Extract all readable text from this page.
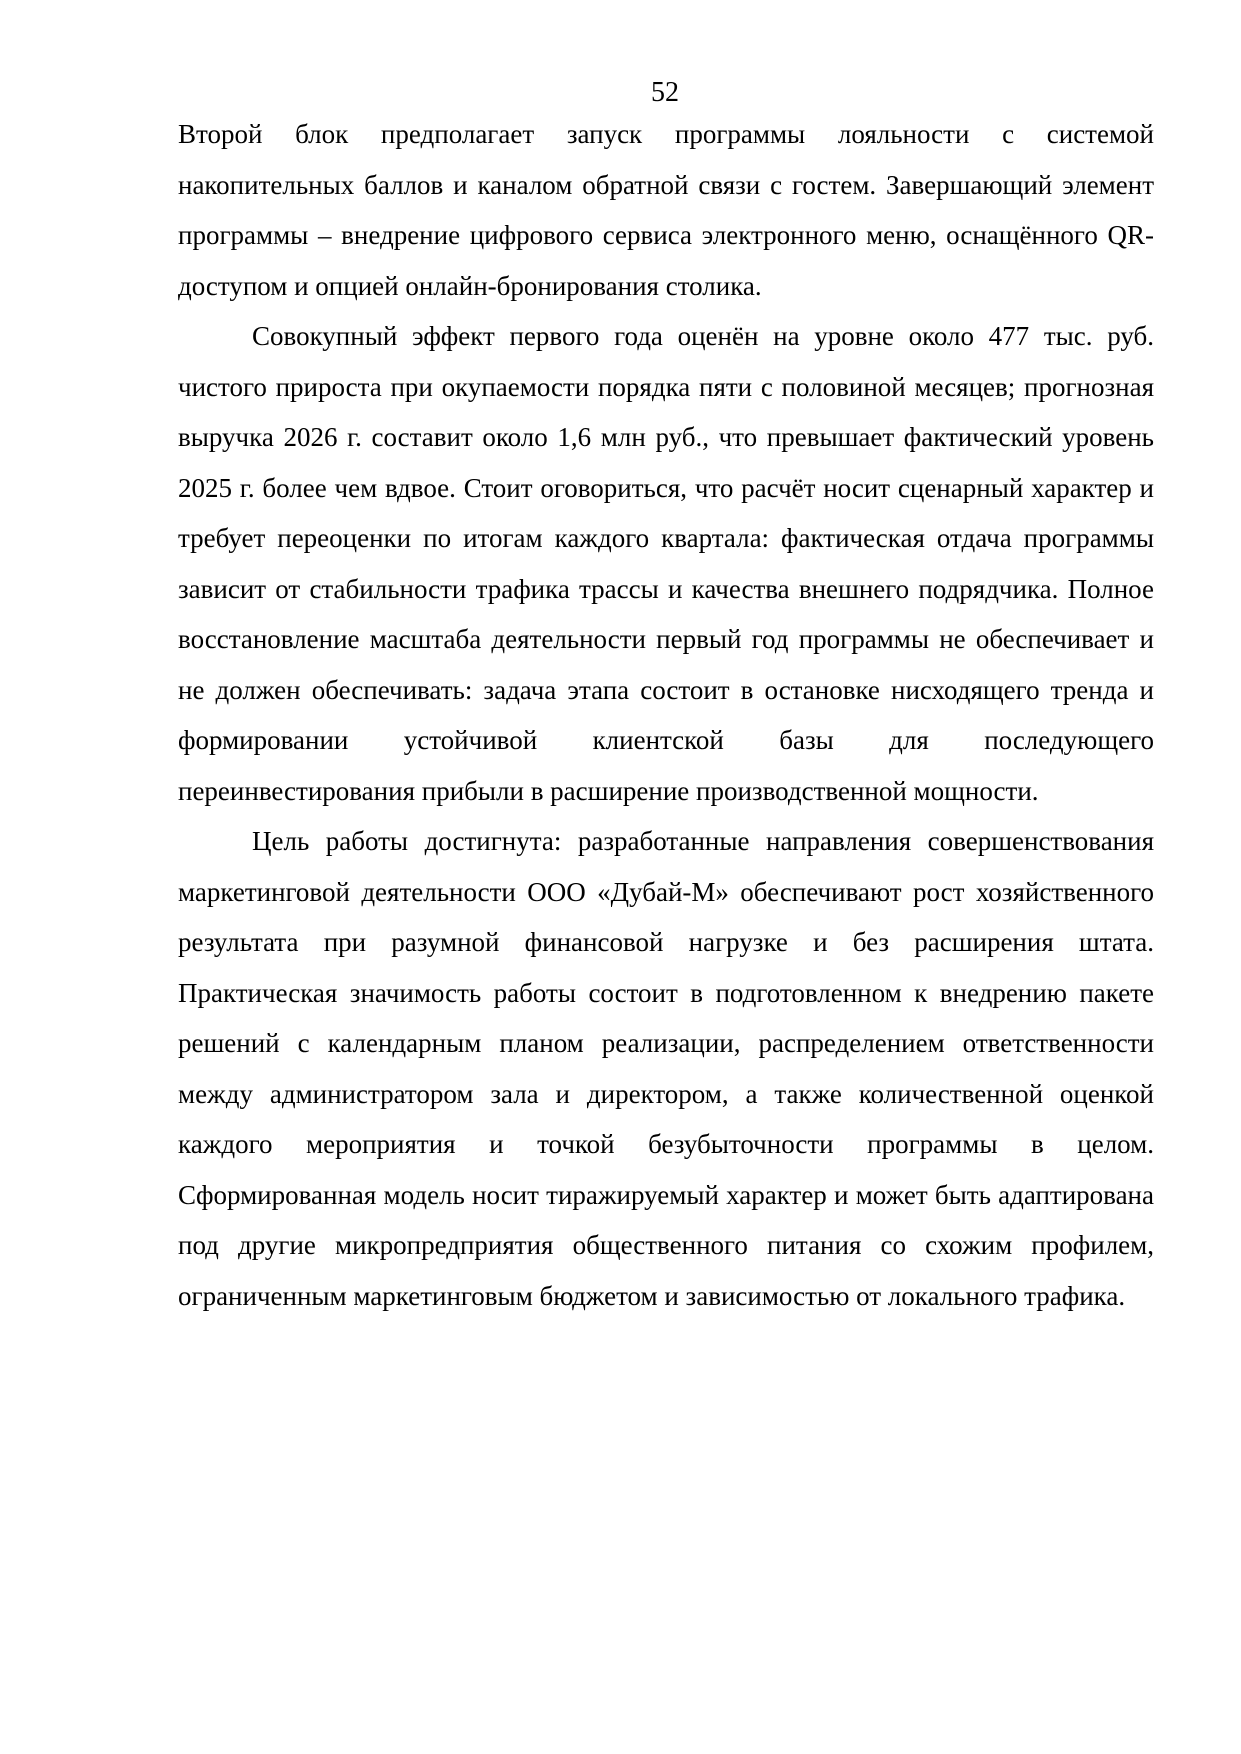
52

Второй блок предполагает запуск программы лояльности с системой накопительных баллов и каналом обратной связи с гостем. Завершающий элемент программы – внедрение цифрового сервиса электронного меню, оснащённого QR-доступом и опцией онлайн-бронирования столика.

Совокупный эффект первого года оценён на уровне около 477 тыс. руб. чистого прироста при окупаемости порядка пяти с половиной месяцев; прогнозная выручка 2026 г. составит около 1,6 млн руб., что превышает фактический уровень 2025 г. более чем вдвое. Стоит оговориться, что расчёт носит сценарный характер и требует переоценки по итогам каждого квартала: фактическая отдача программы зависит от стабильности трафика трассы и качества внешнего подрядчика. Полное восстановление масштаба деятельности первый год программы не обеспечивает и не должен обеспечивать: задача этапа состоит в остановке нисходящего тренда и формировании устойчивой клиентской базы для последующего переинвестирования прибыли в расширение производственной мощности.

Цель работы достигнута: разработанные направления совершенствования маркетинговой деятельности ООО «Дубай-М» обеспечивают рост хозяйственного результата при разумной финансовой нагрузке и без расширения штата. Практическая значимость работы состоит в подготовленном к внедрению пакете решений с календарным планом реализации, распределением ответственности между администратором зала и директором, а также количественной оценкой каждого мероприятия и точкой безубыточности программы в целом. Сформированная модель носит тиражируемый характер и может быть адаптирована под другие микропредприятия общественного питания со схожим профилем, ограниченным маркетинговым бюджетом и зависимостью от локального трафика.
